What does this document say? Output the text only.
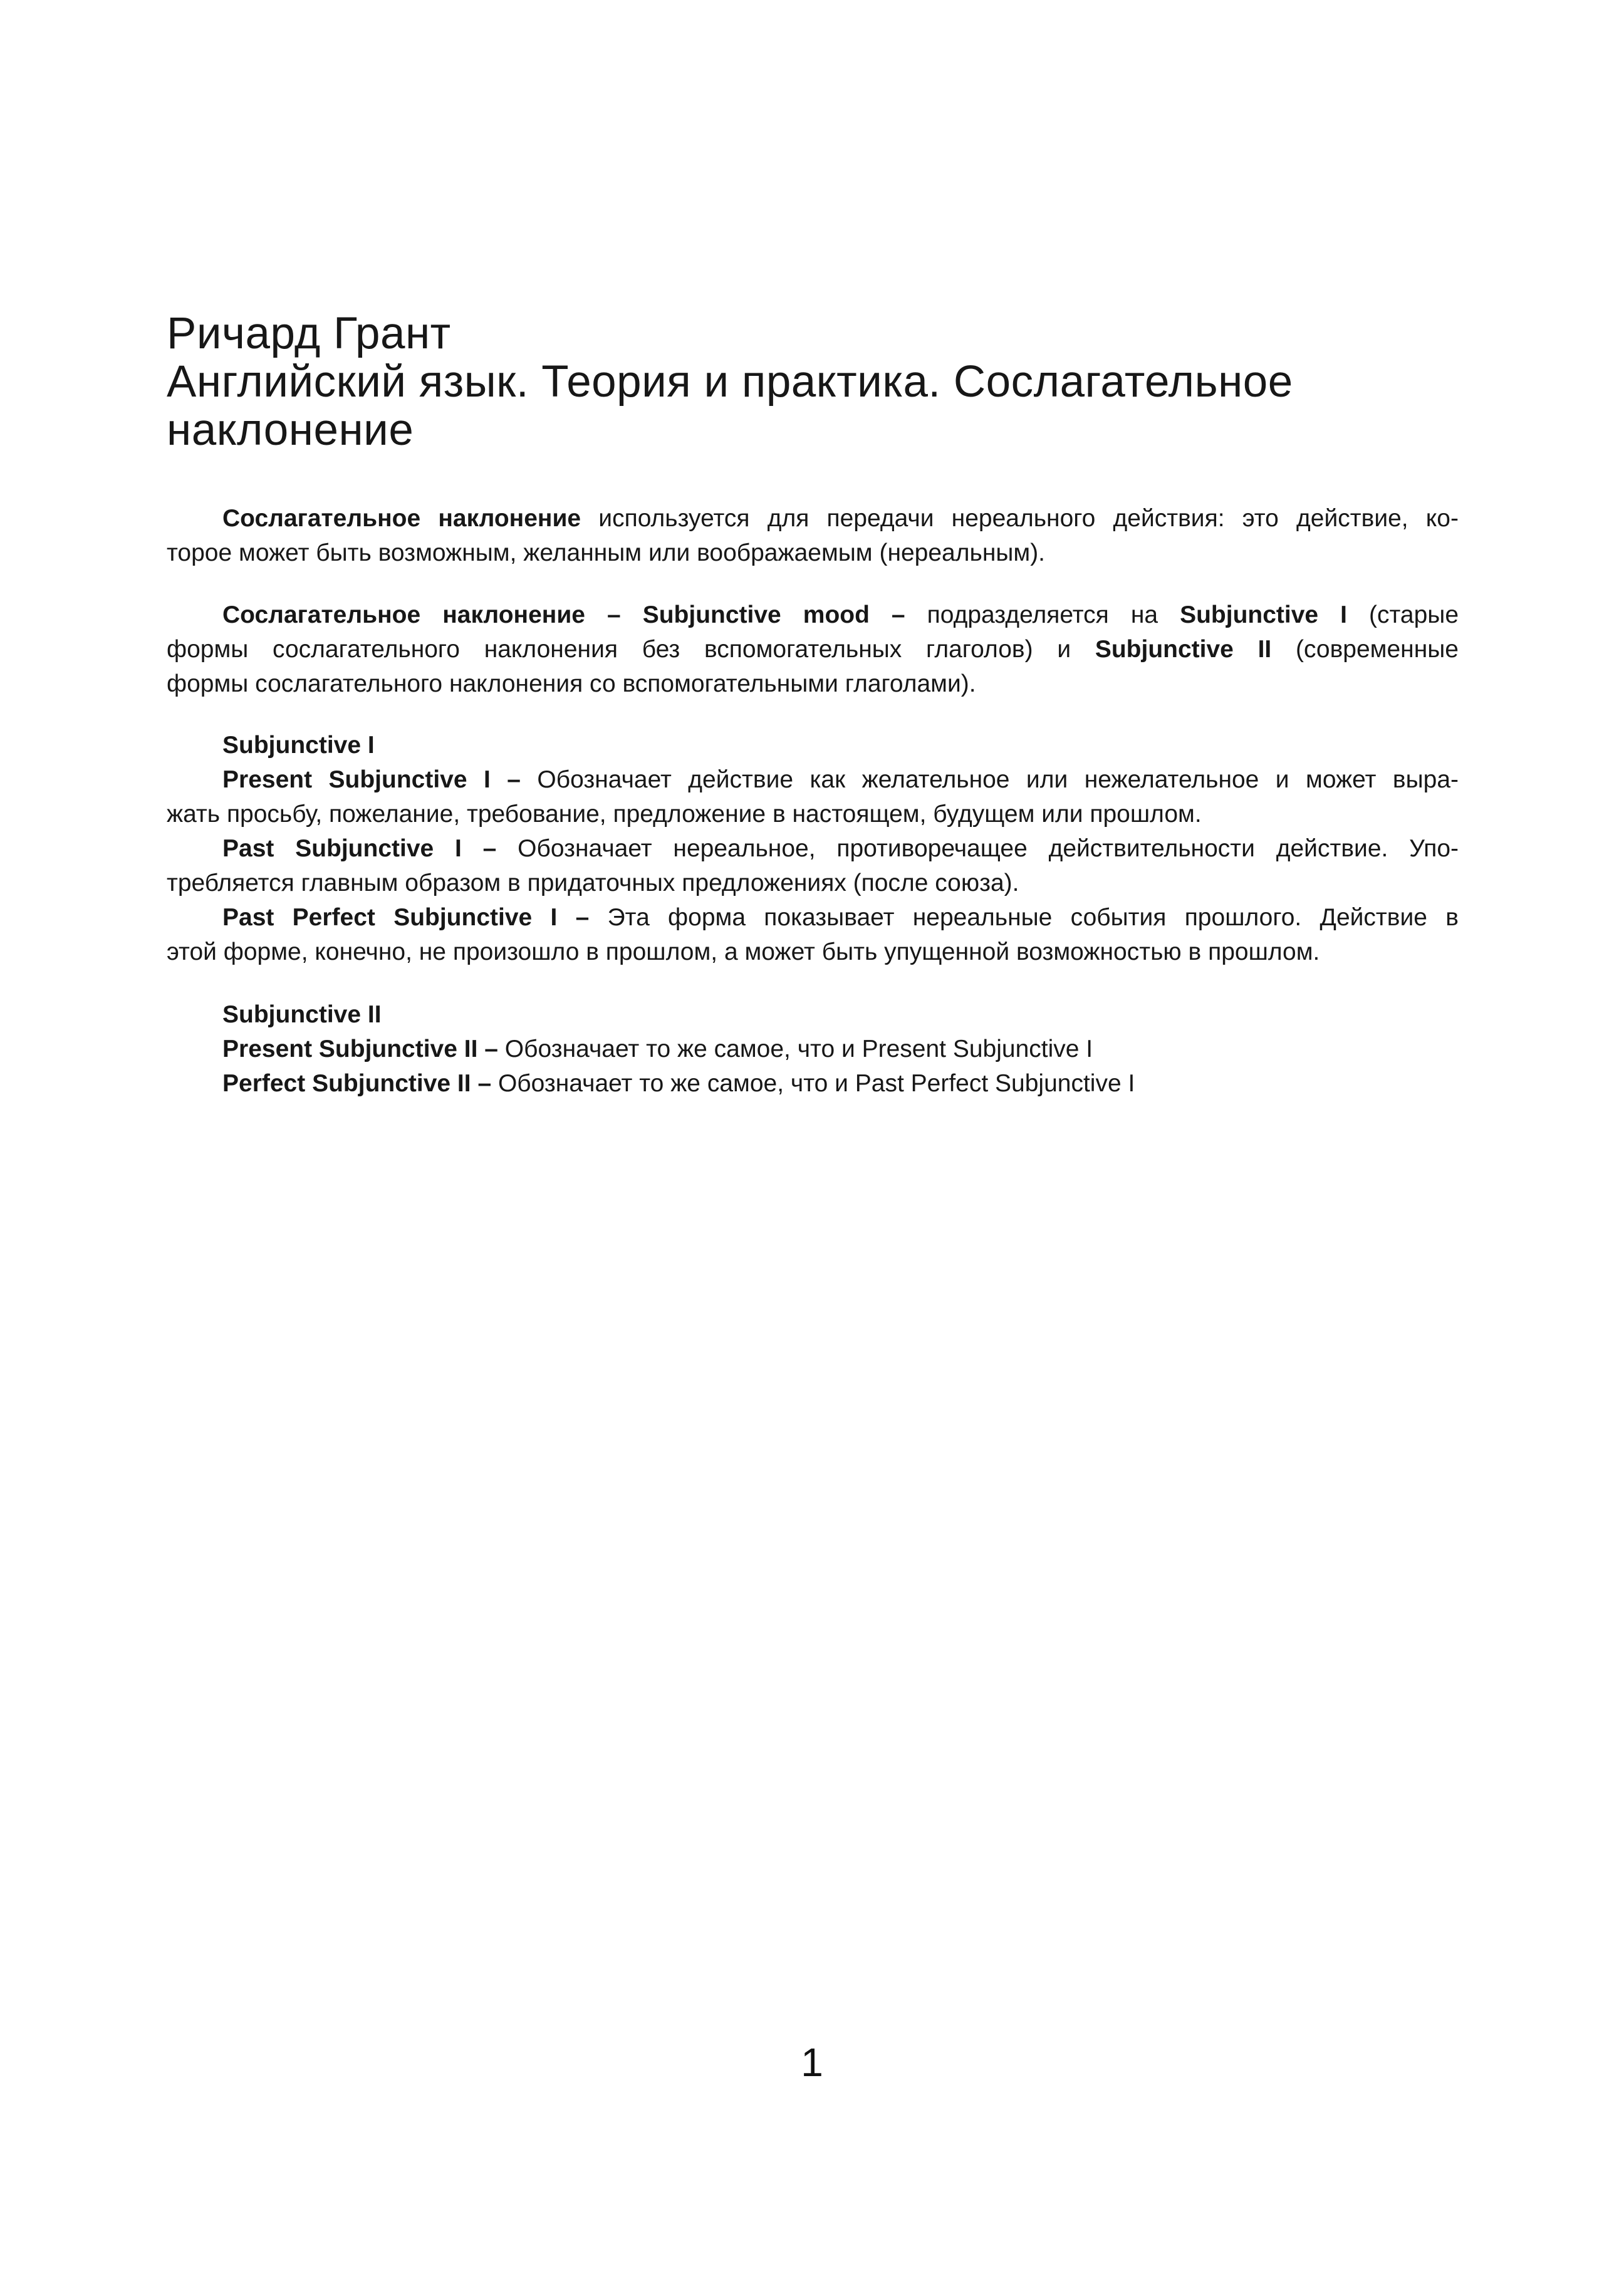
Ричард Грант
Английский язык. Теория и практика. Сослагательное
наклонение
Сослагательное наклонение используется для передачи нереального действия: это действие, ко-
торое может быть возможным, желанным или воображаемым (нереальным).
Сослагательное наклонение – Subjunctive mood – подразделяется на Subjunctive I (старые
формы сослагательного наклонения без вспомогательных глаголов) и Subjunctive II (современные
формы сослагательного наклонения со вспомогательными глаголами).
Subjunctive I
Present Subjunctive I – Обозначает действие как желательное или нежелательное и может выра-
жать просьбу, пожелание, требование, предложение в настоящем, будущем или прошлом.
Past Subjunctive I – Обозначает нереальное, противоречащее действительности действие. Упо-
требляется главным образом в придаточных предложениях (после союза).
Past Perfect Subjunctive I – Эта форма показывает нереальные события прошлого. Действие в
этой форме, конечно, не произошло в прошлом, а может быть упущенной возможностью в прошлом.
Subjunctive II
Present Subjunctive II – Обозначает то же самое, что и Present Subjunctive I
Perfect Subjunctive II – Обозначает то же самое, что и Past Perfect Subjunctive I
1
